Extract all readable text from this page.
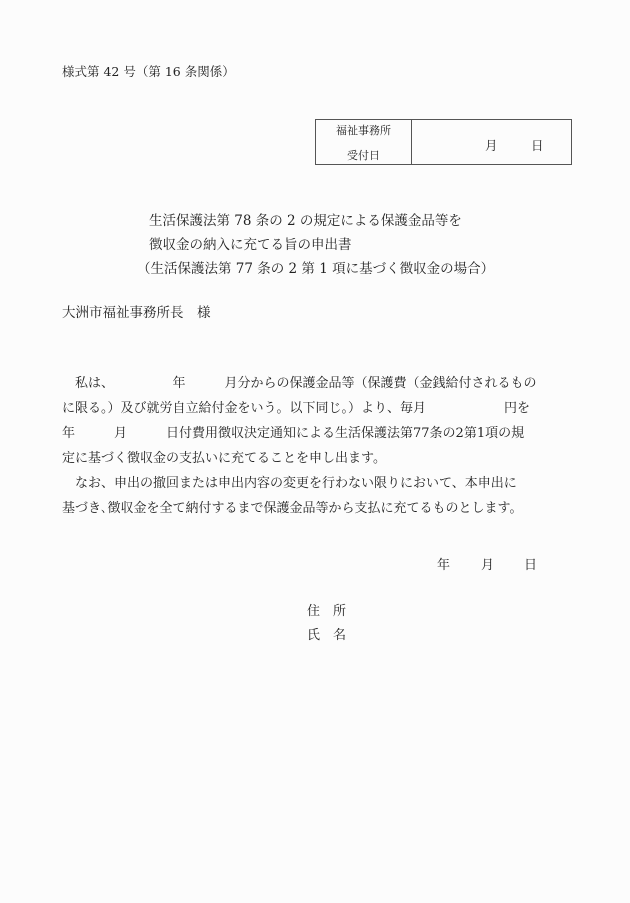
様式第 42 号（第 16 条関係）
福祉事務所
受付日
月	日
生活保護法第 78 条の 2 の規定による保護金品等を
徴収金の納入に充てる旨の申出書
（生活保護法第 77 条の 2 第 1 項に基づく徴収金の場合）
大洲市福祉事務所長　様
　私は、　　　　　年　　　月分からの保護金品等（保護費（金銭給付されるもの
に限る。）及び就労自立給付金をいう。以下同じ。）より、毎月　　　　　　円を
年　　　月　　　日付費用徴収決定通知による生活保護法第77条の2第1項の規
定に基づく徴収金の支払いに充てることを申し出ます。
　なお、申出の撤回または申出内容の変更を行わない限りにおいて、本申出に
基づき､徴収金を全て納付するまで保護金品等から支払に充てるものとします。
年 月 日
住　所
氏　名
